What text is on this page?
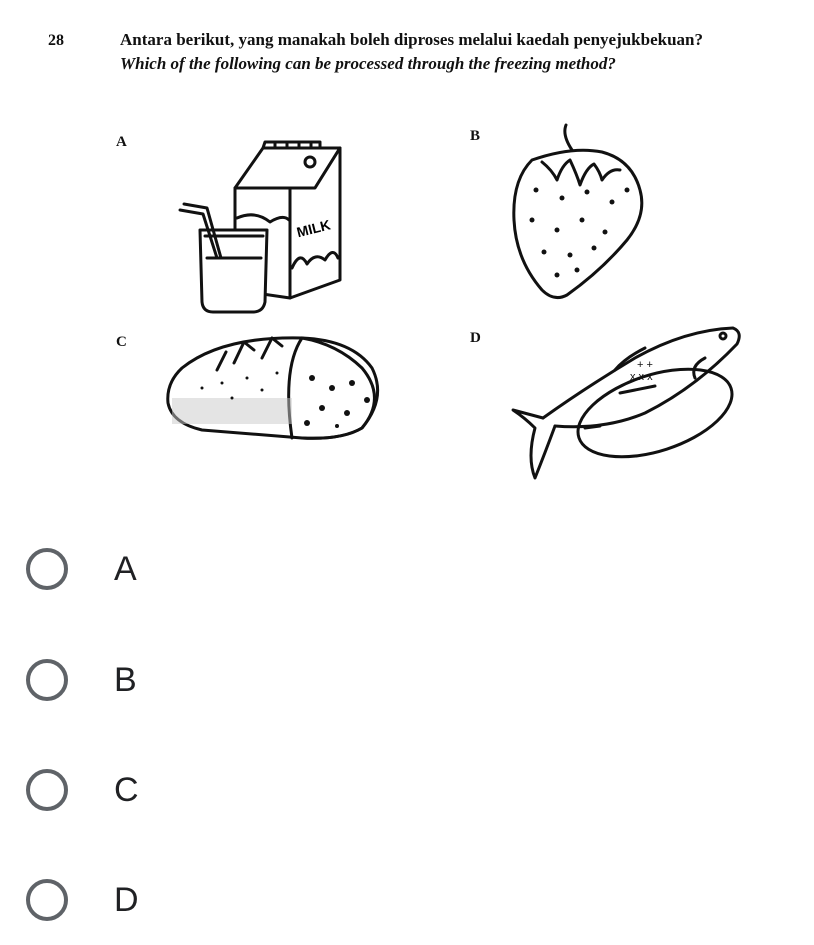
28	Antara berikut, yang manakah boleh diproses melalui kaedah penyejukbekuan?
Which of the following can be processed through the freezing method?
A	B
C	D
MILK
x x x
+ +
A
B
C
D
